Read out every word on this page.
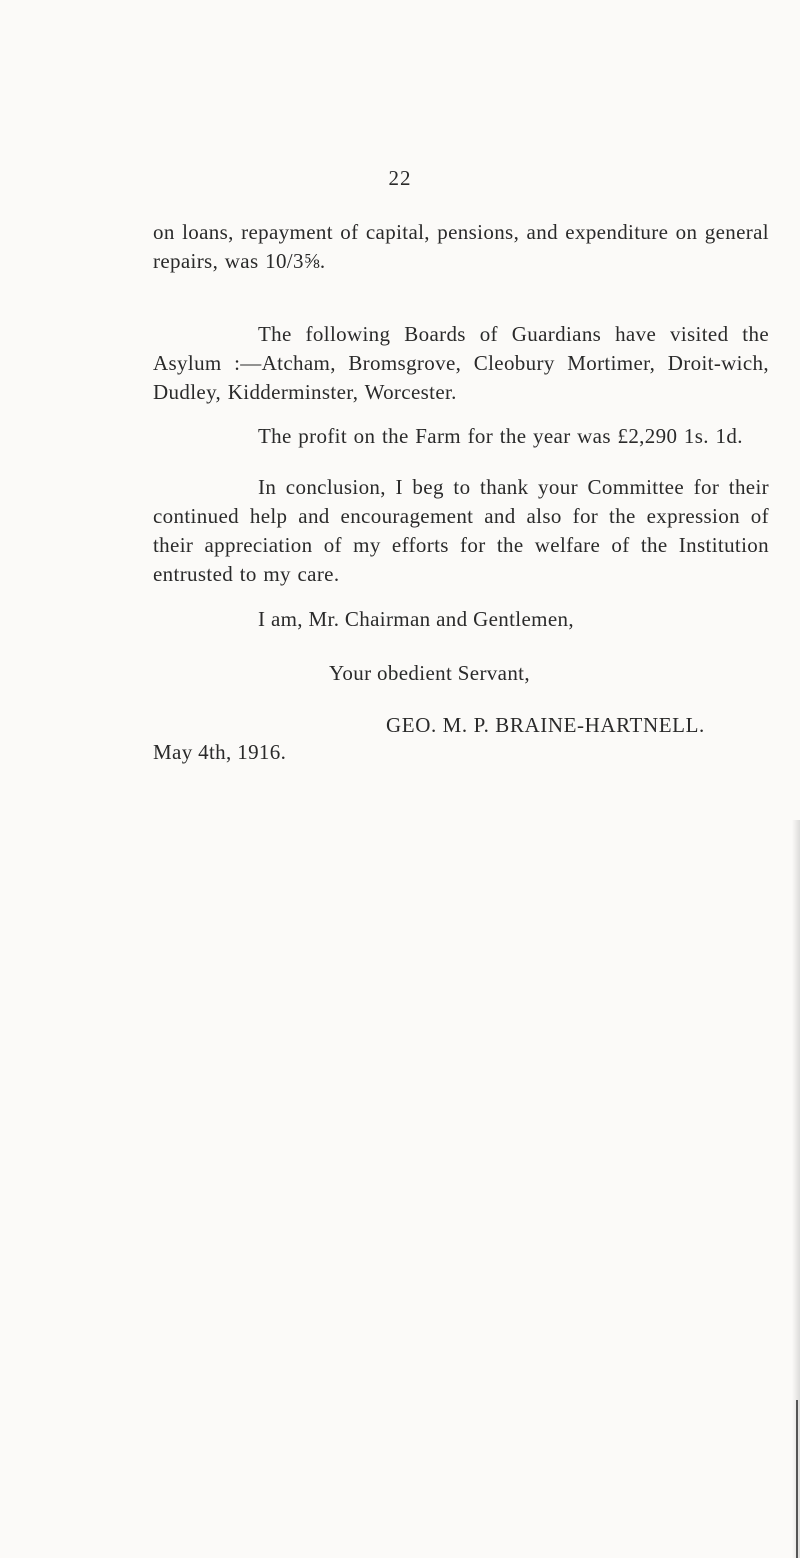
22

on loans, repayment of capital, pensions, and expenditure on general repairs, was 10/3⅝.

The following Boards of Guardians have visited the Asylum :—Atcham, Bromsgrove, Cleobury Mortimer, Droit-wich, Dudley, Kidderminster, Worcester.

The profit on the Farm for the year was £2,290 1s. 1d.

In conclusion, I beg to thank your Committee for their continued help and encouragement and also for the expression of their appreciation of my efforts for the welfare of the Institution entrusted to my care.

I am, Mr. Chairman and Gentlemen,
Your obedient Servant,
GEO. M. P. BRAINE-HARTNELL.
May 4th, 1916.
